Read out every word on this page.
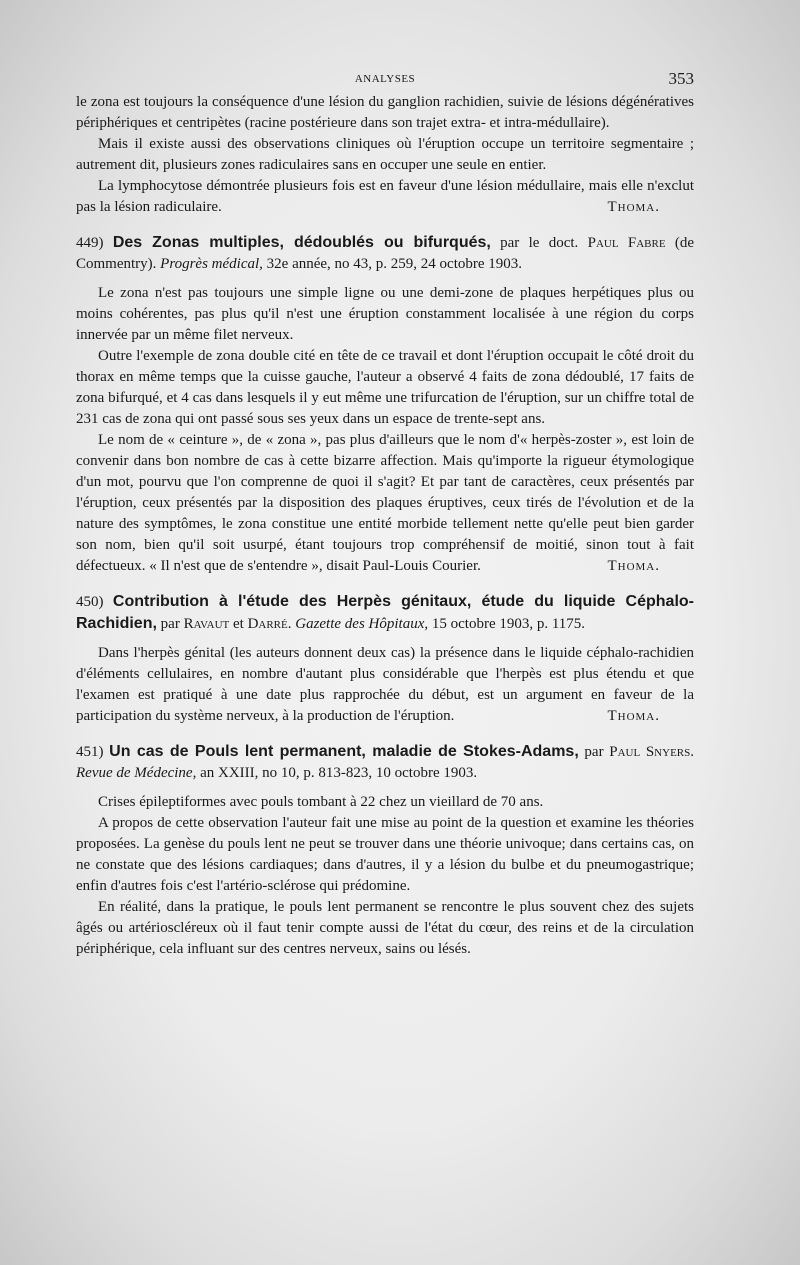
ANALYSES	353

le zona est toujours la conséquence d'une lésion du ganglion rachidien, suivie de lésions dégénératives périphériques et centripètes (racine postérieure dans son trajet extra- et intra-médullaire).

Mais il existe aussi des observations cliniques où l'éruption occupe un territoire segmentaire ; autrement dit, plusieurs zones radiculaires sans en occuper une seule en entier.

La lymphocytose démontrée plusieurs fois est en faveur d'une lésion médullaire, mais elle n'exclut pas la lésion radiculaire.	Thoma.

449) Des Zonas multiples, dédoublés ou bifurqués, par le doct. Paul Fabre (de Commentry). Progrès médical, 32e année, no 43, p. 259, 24 octobre 1903.

Le zona n'est pas toujours une simple ligne ou une demi-zone de plaques herpétiques plus ou moins cohérentes, pas plus qu'il n'est une éruption constamment localisée à une région du corps innervée par un même filet nerveux.

Outre l'exemple de zona double cité en tête de ce travail et dont l'éruption occupait le côté droit du thorax en même temps que la cuisse gauche, l'auteur a observé 4 faits de zona dédoublé, 17 faits de zona bifurqué, et 4 cas dans lesquels il y eut même une trifurcation de l'éruption, sur un chiffre total de 231 cas de zona qui ont passé sous ses yeux dans un espace de trente-sept ans.

Le nom de « ceinture », de « zona », pas plus d'ailleurs que le nom d'« herpès-zoster », est loin de convenir dans bon nombre de cas à cette bizarre affection. Mais qu'importe la rigueur étymologique d'un mot, pourvu que l'on comprenne de quoi il s'agit? Et par tant de caractères, ceux présentés par l'éruption, ceux présentés par la disposition des plaques éruptives, ceux tirés de l'évolution et de la nature des symptômes, le zona constitue une entité morbide tellement nette qu'elle peut bien garder son nom, bien qu'il soit usurpé, étant toujours trop compréhensif de moitié, sinon tout à fait défectueux. « Il n'est que de s'entendre », disait Paul-Louis Courier.	Thoma.

450) Contribution à l'étude des Herpès génitaux, étude du liquide Céphalo-Rachidien, par Ravaut et Darré. Gazette des Hôpitaux, 15 octobre 1903, p. 1175.

Dans l'herpès génital (les auteurs donnent deux cas) la présence dans le liquide céphalo-rachidien d'éléments cellulaires, en nombre d'autant plus considérable que l'herpès est plus étendu et que l'examen est pratiqué à une date plus rapprochée du début, est un argument en faveur de la participation du système nerveux, à la production de l'éruption.	Thoma.

451) Un cas de Pouls lent permanent, maladie de Stokes-Adams, par Paul Snyers. Revue de Médecine, an XXIII, no 10, p. 813-823, 10 octobre 1903.

Crises épileptiformes avec pouls tombant à 22 chez un vieillard de 70 ans.

A propos de cette observation l'auteur fait une mise au point de la question et examine les théories proposées. La genèse du pouls lent ne peut se trouver dans une théorie univoque; dans certains cas, on ne constate que des lésions cardiaques; dans d'autres, il y a lésion du bulbe et du pneumogastrique; enfin d'autres fois c'est l'artério-sclérose qui prédomine.

En réalité, dans la pratique, le pouls lent permanent se rencontre le plus souvent chez des sujets âgés ou artérioscléreux où il faut tenir compte aussi de l'état du cœur, des reins et de la circulation périphérique, cela influant sur des centres nerveux, sains ou lésés.
